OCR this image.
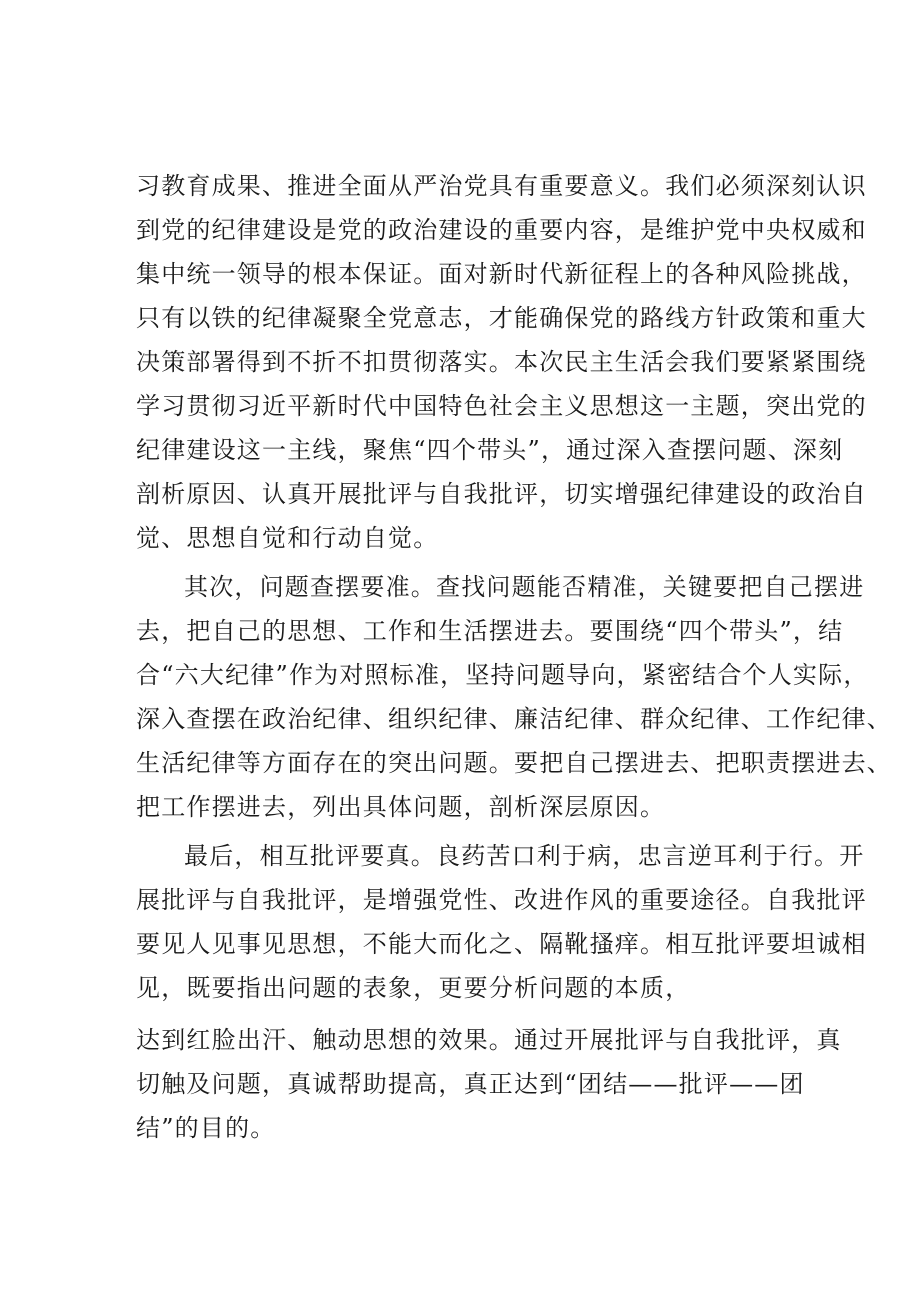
习教育成果、推进全面从严治党具有重要意义。我们必须深刻认识
到党的纪律建设是党的政治建设的重要内容，是维护党中央权威和
集中统一领导的根本保证。面对新时代新征程上的各种风险挑战，
只有以铁的纪律凝聚全党意志，才能确保党的路线方针政策和重大
决策部署得到不折不扣贯彻落实。本次民主生活会我们要紧紧围绕
学习贯彻习近平新时代中国特色社会主义思想这一主题，突出党的
纪律建设这一主线，聚焦“四个带头”，通过深入查摆问题、深刻
剖析原因、认真开展批评与自我批评，切实增强纪律建设的政治自
觉、思想自觉和行动自觉。
其次，问题查摆要准。查找问题能否精准，关键要把自己摆进
去，把自己的思想、工作和生活摆进去。要围绕“四个带头”，结
合“六大纪律”作为对照标准，坚持问题导向，紧密结合个人实际，
深入查摆在政治纪律、组织纪律、廉洁纪律、群众纪律、工作纪律、
生活纪律等方面存在的突出问题。要把自己摆进去、把职责摆进去、
把工作摆进去，列出具体问题，剖析深层原因。
最后，相互批评要真。良药苦口利于病，忠言逆耳利于行。开
展批评与自我批评，是增强党性、改进作风的重要途径。自我批评
要见人见事见思想，不能大而化之、隔靴搔痒。相互批评要坦诚相
见，既要指出问题的表象，更要分析问题的本质，
达到红脸出汗、触动思想的效果。通过开展批评与自我批评，真
切触及问题，真诚帮助提高，真正达到“团结——批评——团
结”的目的。
